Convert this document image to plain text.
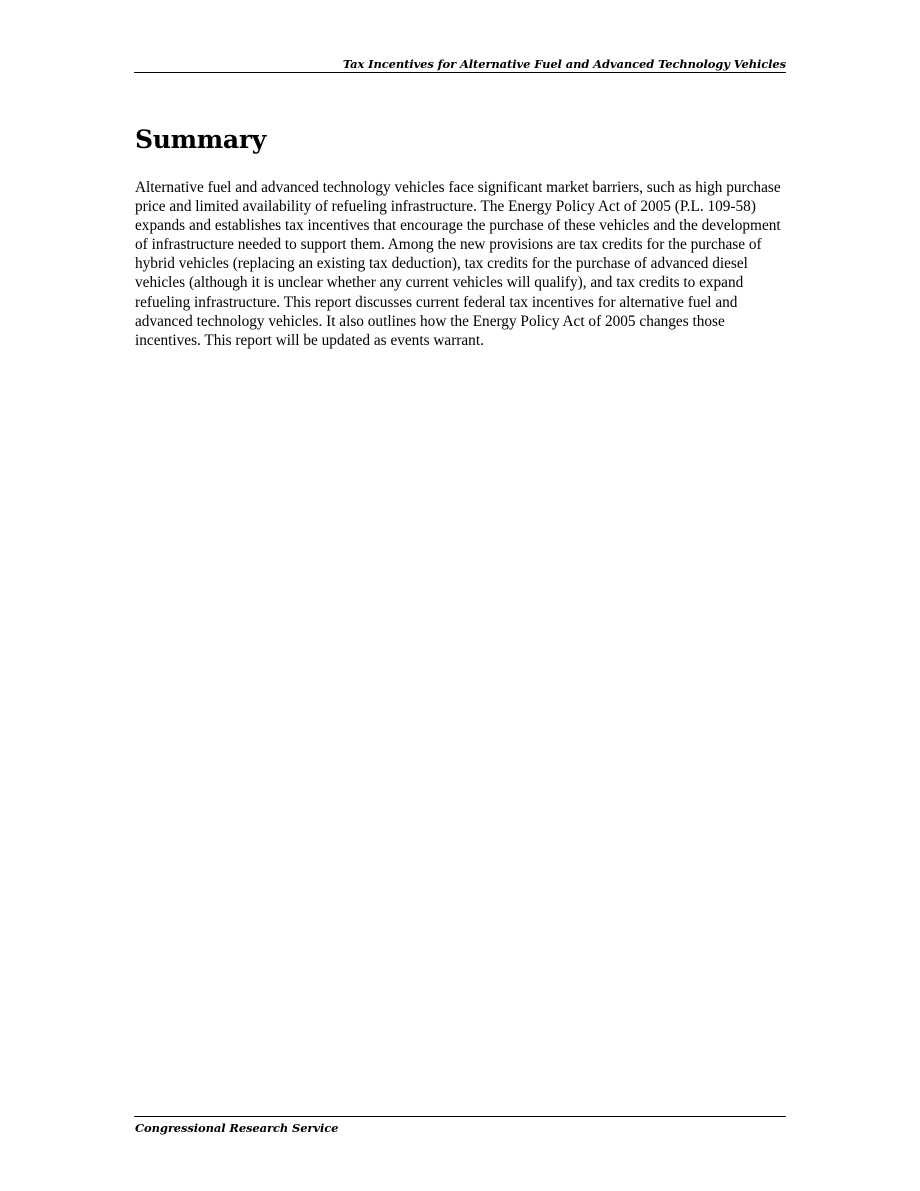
Tax Incentives for Alternative Fuel and Advanced Technology Vehicles
Summary

Alternative fuel and advanced technology vehicles face significant market barriers, such as high purchase price and limited availability of refueling infrastructure. The Energy Policy Act of 2005 (P.L. 109-58) expands and establishes tax incentives that encourage the purchase of these vehicles and the development of infrastructure needed to support them. Among the new provisions are tax credits for the purchase of hybrid vehicles (replacing an existing tax deduction), tax credits for the purchase of advanced diesel vehicles (although it is unclear whether any current vehicles will qualify), and tax credits to expand refueling infrastructure. This report discusses current federal tax incentives for alternative fuel and advanced technology vehicles. It also outlines how the Energy Policy Act of 2005 changes those incentives. This report will be updated as events warrant.

Congressional Research Service
